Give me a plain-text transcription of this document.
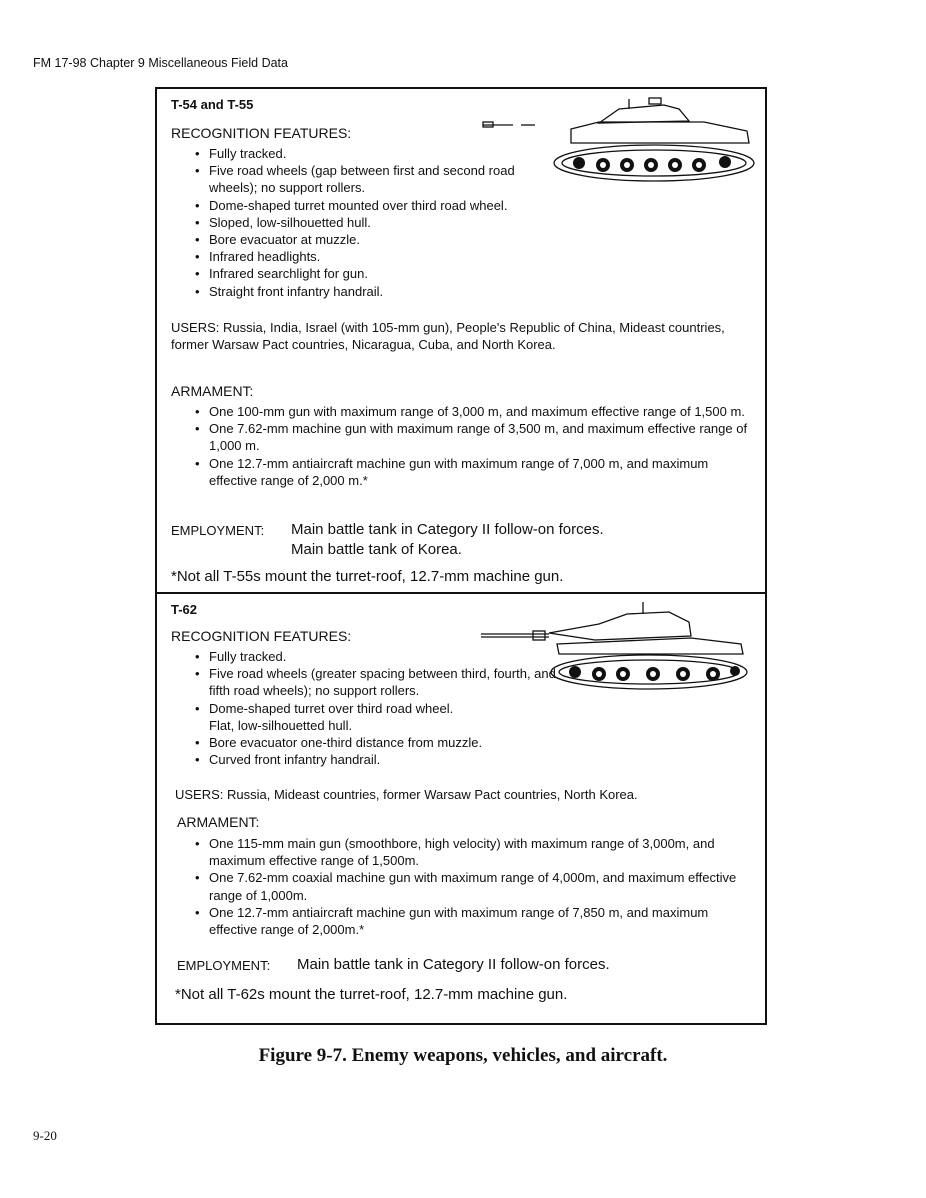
FM 17-98 Chapter 9 Miscellaneous Field Data
T-54 and T-55
RECOGNITION FEATURES:
• Fully tracked.
• Five road wheels (gap between first and second road wheels); no support rollers.
• Dome-shaped turret mounted over third road wheel.
• Sloped, low-silhouetted hull.
• Bore evacuator at muzzle.
• Infrared headlights.
• Infrared searchlight for gun.
• Straight front infantry handrail.
USERS: Russia, India, Israel (with 105-mm gun), People's Republic of China, Mideast countries, former Warsaw Pact countries, Nicaragua, Cuba, and North Korea.
ARMAMENT:
• One 100-mm gun with maximum range of 3,000 m, and maximum effective range of 1,500 m.
• One 7.62-mm machine gun with maximum range of 3,500 m, and maximum effective range of 1,000 m.
• One 12.7-mm antiaircraft machine gun with maximum range of 7,000 m, and maximum effective range of 2,000 m.*
EMPLOYMENT: Main battle tank in Category II follow-on forces.
Main battle tank of Korea.
*Not all T-55s mount the turret-roof, 12.7-mm machine gun.
T-62
RECOGNITION FEATURES:
• Fully tracked.
• Five road wheels (greater spacing between third, fourth, and fifth road wheels); no support rollers.
• Dome-shaped turret over third road wheel.
Flat, low-silhouetted hull.
• Bore evacuator one-third distance from muzzle.
• Curved front infantry handrail.
USERS: Russia, Mideast countries, former Warsaw Pact countries, North Korea.
ARMAMENT:
• One 115-mm main gun (smoothbore, high velocity) with maximum range of 3,000m, and maximum effective range of 1,500m.
• One 7.62-mm coaxial machine gun with maximum range of 4,000m, and maximum effective range of 1,000m.
• One 12.7-mm antiaircraft machine gun with maximum range of 7,850 m, and maximum effective range of 2,000m.*
EMPLOYMENT: Main battle tank in Category II follow-on forces.
*Not all T-62s mount the turret-roof, 12.7-mm machine gun.
Figure 9-7. Enemy weapons, vehicles, and aircraft.
9-20
